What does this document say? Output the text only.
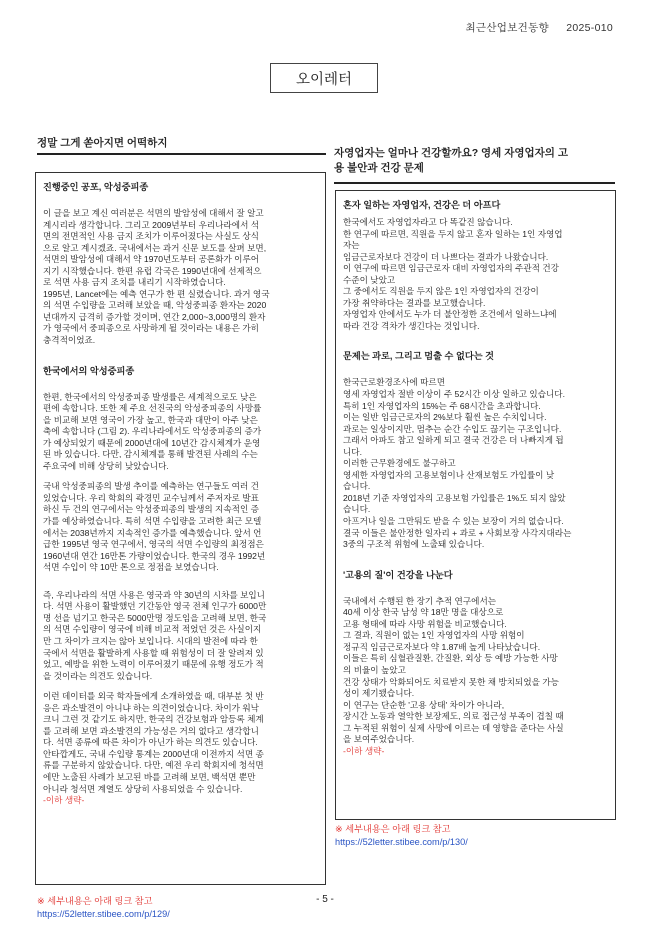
최근산업보건동향 2025-010
오이레터
정말 그게 쏟아지면 어떡하지
진행중인 공포, 악성중피종
이 글을 보고 계신 여러분은 석면의 발암성에 대해서 잘 알고
계시리라 생각합니다. 그리고 2009년부터 우리나라에서 석
면의 전면적인 사용 금지 조치가 이루어졌다는 사실도 상식
으로 알고 계시겠죠. 국내에서는 과거 신문 보도를 살펴 보면,
석면의 발암성에 대해서 약 1970년도부터 공론화가 이루어
지기 시작했습니다. 한편 유럽 각국은 1990년대에 선제적으
로 석면 사용 금지 조치를 내리기 시작하였습니다.
1995년, Lancet에는 예측 연구가 한 편 실렸습니다. 과거 영국
의 석면 수입량을 고려해 보았을 때, 악성중피종 환자는 2020
년대까지 급격히 증가할 것이며, 연간 2,000~3,000명의 환자
가 영국에서 중피종으로 사망하게 될 것이라는 내용은 가히
충격적이었죠.
한국에서의 악성중피종
한편, 한국에서의 악성중피종 발생률은 세계적으로도 낮은
편에 속합니다. 또한 제 주요 선진국의 악성중피종의 사망률
을 비교해 보면 영국이 가장 높고, 한국과 대만이 아주 낮은
축에 속합니다 (그림 2). 우리나라에서도 악성중피종의 증가
가 예상되었기 때문에 2000년대에 10년간 감시체계가 운영
된 바 있습니다. 다만, 감시체계를 통해 발견된 사례의 수는
주요국에 비해 상당히 낮았습니다.
국내 악성중피종의 발생 추이를 예측하는 연구들도 여러 건
있었습니다. 우리 학회의 곽경민 교수님께서 주저자로 발표
하신 두 건의 연구에서는 악성중피종의 발생의 지속적인 증
가를 예상하였습니다. 특히 석면 수입량을 고려한 최근 모델
에서는 2038년까지 지속적인 증가를 예측했습니다. 앞서 언
급한 1995년 영국 연구에서, 영국의 석면 수입량의 최정점은
1960년대 연간 16만톤 가량이었습니다. 한국의 경우 1992년
석면 수입이 약 10만 톤으로 정점을 보였습니다.
즉, 우리나라의 석면 사용은 영국과 약 30년의 시차를 보입니
다. 석면 사용이 활발했던 기간동안 영국 전체 인구가 6000만
명 선을 넘기고 한국은 5000만명 정도임을 고려해 보면, 한국
의 석면 수입량이 영국에 비해 비교적 적었던 것은 사실이지
만 그 차이가 크지는 않아 보입니다. 시대의 발전에 따라 한
국에서 석면을 활발하게 사용할 때 위험성이 더 잘 알려져 있
었고, 예방을 위한 노력이 이루어졌기 때문에 유행 정도가 적
을 것이라는 의견도 있습니다.
이런 데이터를 외국 학자들에게 소개하였을 때, 대부분 첫 반
응은 과소발견이 아니냐 하는 의견이었습니다. 차이가 워낙
크니 그런 것 같기도 하지만, 한국의 건강보험과 암등록 체계
를 고려해 보면 과소발견의 가능성은 거의 없다고 생각합니
다. 석면 종류에 따른 차이가 아닌가 하는 의견도 있습니다.
안타깝게도, 국내 수입량 통계는 2000년대 이전까지 석면 종
류를 구분하지 않았습니다. 다만, 예전 우리 학회지에 청석면
에만 노출된 사례가 보고된 바를 고려해 보면, 백석면 뿐만
아니라 청석면 계열도 상당히 사용되었을 수 있습니다.
-이하 생략-
※ 세부내용은 아래 링크 참고
https://52letter.stibee.com/p/129/
자영업자는 얼마나 건강할까요? 영세 자영업자의 고
용 불안과 건강 문제
혼자 일하는 자영업자, 건강은 더 아프다
한국에서도 자영업자라고 다 똑같진 않습니다.
한 연구에 따르면, 직원을 두지 않고 혼자 일하는 1인 자영업
자는
임금근로자보다 건강이 더 나쁘다는 결과가 나왔습니다.
이 연구에 따르면 임금근로자 대비 자영업자의 주관적 건강
수준이 낮았고
그 중에서도 직원을 두지 않은 1인 자영업자의 건강이
가장 취약하다는 결과를 보고했습니다.
자영업자 안에서도 누가 더 불안정한 조건에서 일하느냐에
따라 건강 격차가 생긴다는 것입니다.
문제는 과로, 그리고 멈출 수 없다는 것
한국근로환경조사에 따르면
영세 자영업자 절반 이상이 주 52시간 이상 일하고 있습니다.
특히 1인 자영업자의 15%는 주 68시간을 초과합니다.
이는 일반 임금근로자의 2%보다 훨씬 높은 수치입니다.
과로는 일상이지만, 멈추는 순간 수입도 끊기는 구조입니다.
그래서 아파도 참고 일하게 되고 결국 건강은 더 나빠지게 됩
니다.
이러한 근무환경에도 불구하고
영세한 자영업자의 고용보험이나 산재보험도 가입률이 낮
습니다.
2018년 기준 자영업자의 고용보험 가입률은 1%도 되지 않았
습니다.
아프거나 일을 그만둬도 받을 수 있는 보장이 거의 없습니다.
결국 이들은 불안정한 일자리 + 과로 + 사회보장 사각지대라는
3중의 구조적 위험에 노출돼 있습니다.
'고용의 질'이 건강을 나눈다
국내에서 수행된 한 장기 추적 연구에서는
40세 이상 한국 남성 약 18만 명을 대상으로
고용 형태에 따라 사망 위험을 비교했습니다.
그 결과, 직원이 없는 1인 자영업자의 사망 위험이
정규직 임금근로자보다 약 1.87배 높게 나타났습니다.
이들은 특히 심혈관질환, 간질환, 외상 등 예방 가능한 사망
의 비율이 높았고
건강 상태가 악화되어도 치료받지 못한 채 방치되었을 가능
성이 제기됐습니다.
이 연구는 단순한 '고용 상태' 차이가 아니라,
장시간 노동과 열악한 보장제도, 의료 접근성 부족이 겹칠 때
그 누적된 위험이 실제 사망에 이르는 데 영향을 준다는 사실
을 보여주었습니다.
-이하 생략-
※ 세부내용은 아래 링크 참고
https://52letter.stibee.com/p/130/
- 5 -
